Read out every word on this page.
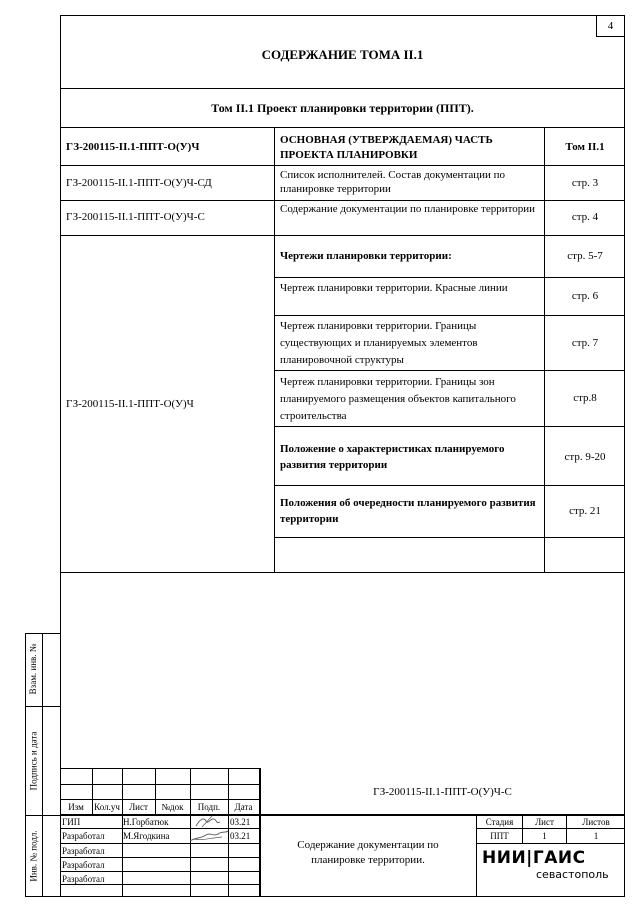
4
СОДЕРЖАНИЕ ТОМА II.1
Том II.1 Проект планировки территории (ППТ).
ГЗ-200115-II.1-ППТ-О(У)Ч
ОСНОВНАЯ (УТВЕРЖДАЕМАЯ) ЧАСТЬ ПРОЕКТА ПЛАНИРОВКИ
Том II.1
ГЗ-200115-II.1-ППТ-О(У)Ч-СД
Список исполнителей. Состав документации по планировке территории	стр. 3
ГЗ-200115-II.1-ППТ-О(У)Ч-С
Содержание документации по планировке территории
стр. 4
ГЗ-200115-II.1-ППТ-О(У)Ч
Чертежи планировки территории:	стр. 5-7
Чертеж планировки территории. Красные линии
стр. 6
Чертеж планировки территории. Границы существующих и планируемых элементов планировочной структуры
стр. 7
Чертеж планировки территории. Границы зон планируемого размещения объектов капитального строительства
стр.8
Положение о характеристиках планируемого развития территории
стр. 9-20
Положения об очередности планируемого развития территории
стр. 21
Взам. инв. №
Подпись и дата
Инв. № подл.
Изм	Кол.уч	Лист	№док	Подп.	Дата
ГЗ-200115-II.1-ППТ-О(У)Ч-С
ГИП	Н.Горбатюк	03.21
Разработал	М.Ягодкина	03.21
Разработал
Разработал
Разработал
Содержание документации по планировке территории.
Стадия	Лист	Листов
ППТ	1	1
НИИ|ГАИС
севастополь
